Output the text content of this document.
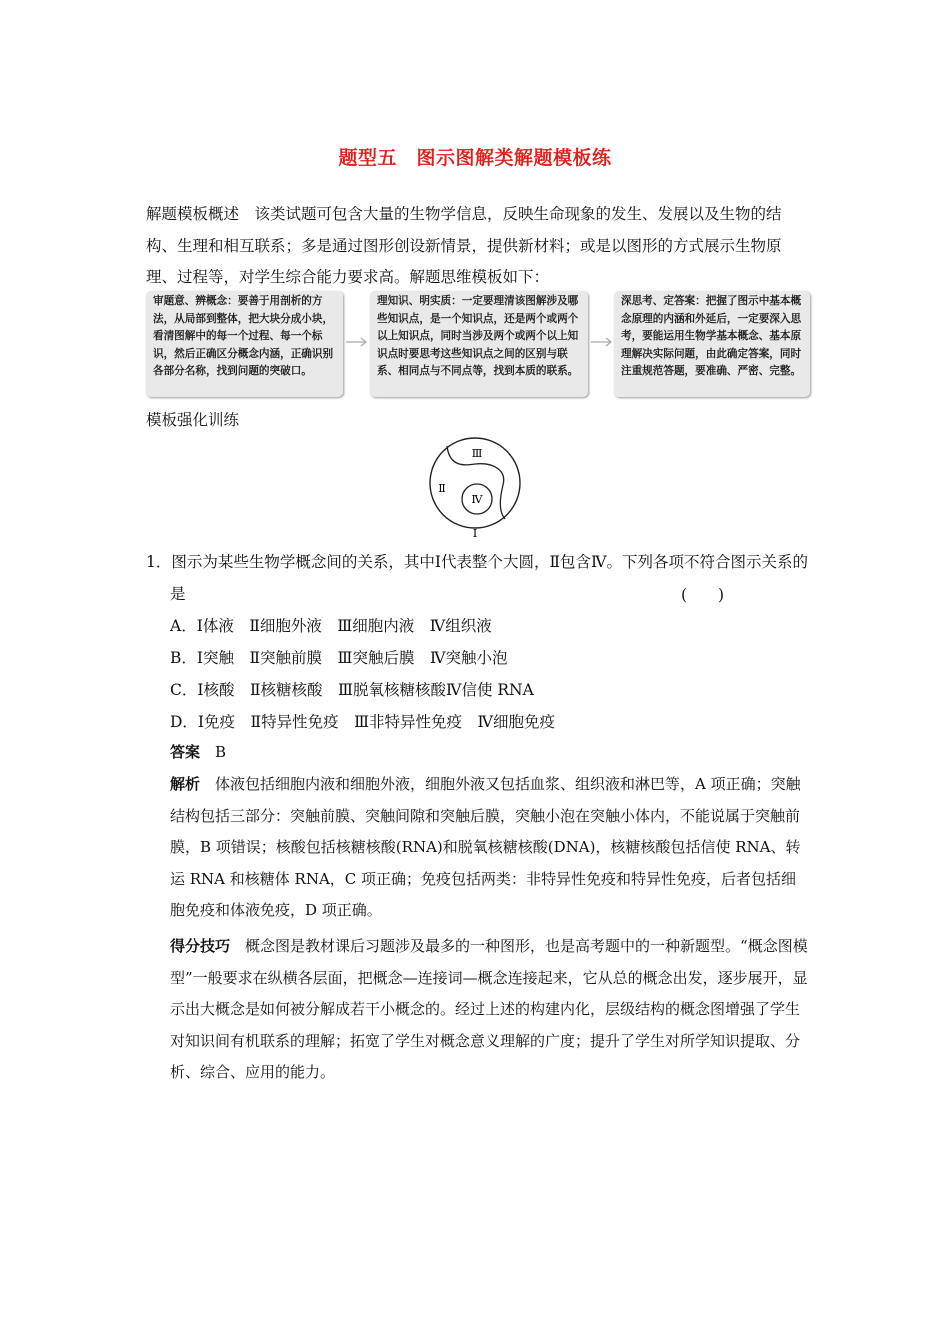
题型五　图示图解类解题模板练
解题模板概述　该类试题可包含大量的生物学信息，反映生命现象的发生、发展以及生物的结构、生理和相互联系；多是通过图形创设新情景，提供新材料；或是以图形的方式展示生物原理、过程等，对学生综合能力要求高。解题思维模板如下：
审题意、辨概念：要善于用剖析的方法，从局部到整体，把大块分成小块，看清图解中的每一个过程、每一个标识，然后正确区分概念内涵，正确识别各部分名称，找到问题的突破口。
理知识、明实质：一定要理清该图解涉及哪些知识点，是一个知识点，还是两个或两个以上知识点，同时当涉及两个或两个以上知识点时要思考这些知识点之间的区别与联系、相同点与不同点等，找到本质的联系。
深思考、定答案：把握了图示中基本概念原理的内涵和外延后，一定要深入思考，要能运用生物学基本概念、基本原理解决实际问题，由此确定答案，同时注重规范答题，要准确、严密、完整。
模板强化训练
Ⅲ
Ⅱ
Ⅳ
Ⅰ
1．图示为某些生物学概念间的关系，其中Ⅰ代表整个大圆，Ⅱ包含Ⅳ。下列各项不符合图示关系的是	(　　)
A．Ⅰ体液　Ⅱ细胞外液　Ⅲ细胞内液　Ⅳ组织液
B．Ⅰ突触　Ⅱ突触前膜　Ⅲ突触后膜　Ⅳ突触小泡
C．Ⅰ核酸　Ⅱ核糖核酸　Ⅲ脱氧核糖核酸Ⅳ信使 RNA
D．Ⅰ免疫　Ⅱ特异性免疫　Ⅲ非特异性免疫　Ⅳ细胞免疫
答案　 B
解析　 体液包括细胞内液和细胞外液，细胞外液又包括血浆、组织液和淋巴等，A 项正确；突触结构包括三部分：突触前膜、突触间隙和突触后膜，突触小泡在突触小体内，不能说属于突触前膜，B 项错误；核酸包括核糖核酸(RNA)和脱氧核糖核酸(DNA)，核糖核酸包括信使 RNA、转运 RNA 和核糖体 RNA，C 项正确；免疫包括两类：非特异性免疫和特异性免疫，后者包括细胞免疫和体液免疫，D 项正确。
得分技巧　 概念图是教材课后习题涉及最多的一种图形，也是高考题中的一种新题型。“概念图模型”一般要求在纵横各层面，把概念—连接词—概念连接起来，它从总的概念出发，逐步展开，显示出大概念是如何被分解成若干小概念的。经过上述的构建内化，层级结构的概念图增强了学生对知识间有机联系的理解；拓宽了学生对概念意义理解的广度；提升了学生对所学知识提取、分析、综合、应用的能力。
